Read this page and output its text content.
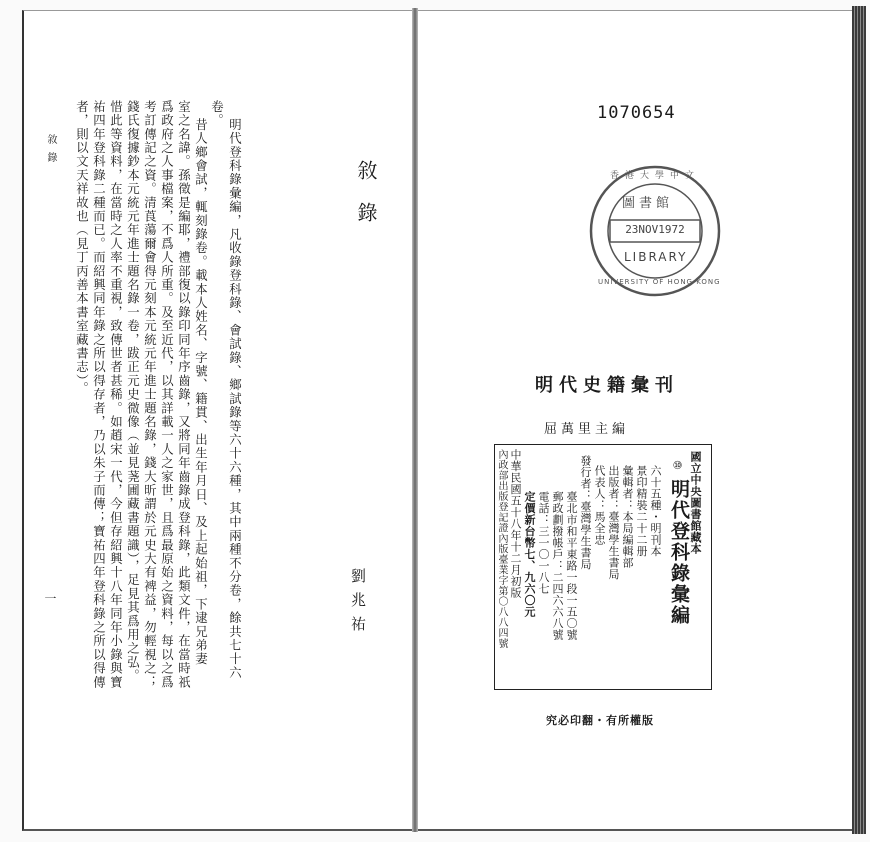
明代登科錄彙編，凡收錄登科錄、會試錄、鄉試錄等六十六種，其中兩種不分卷，餘共七十六
卷。
昔人鄉會試，輒刻錄卷。載本人姓名、字號、籍貫、出生年月日、及上起始祖，下逮兄弟妻
室之名諱。孫徵是編耶，禮部復以錄印同年序齒錄，又將同年齒錄成登科錄，此類文件，在當時祇
爲政府之人事檔案，不爲人所重。及至近代，以其詳載一人之家世，且爲最原始之資料，每以之爲
考訂傳記之資。清莨蕩爾會得元刻本元統元年進士題名錄，錢大昕謂於元史大有裨益，勿輕視之；
錢氏復據鈔本元統元年進士題名錄一卷，跋正元史微像（並見荛圃藏書題識），足見其爲用之弘。
惜此等資料，在當時之人率不重視，致傳世者甚稀。如趙宋一代，今但存紹興十八年同年小錄與寶
祐四年登科錄二種而已。而紹興同年錄之所以得存者，乃以朱子而傳；寶祐四年登科錄之所以得傳
者，則以文天祥故也（見丁丙善本書室藏書志）。	敘錄
劉兆祐
敘錄
一
1070654
圖書館
23NOV1972
LIBRARY
香港大學中文
UNIVERSITY OF HONG KONG
明代史籍彙刊
屈萬里主編
國立中央圖書館藏本
⑩
明代登科錄彙編
六十五種・明刊本
景印精裝二十二册
彙輯者：本局編輯部
出版者：臺灣學生書局
代表人：馬全忠
發行者：臺灣學生書局
臺北市和平東路一段一五〇號
郵政劃撥帳戶：二四六六八號
電話：三一〇一八七
定價新台幣七、九六〇元
中華民國五十八年十二月初版
內政部出版登記證內版臺業字第〇八八四號
究必印翻・有所權版
